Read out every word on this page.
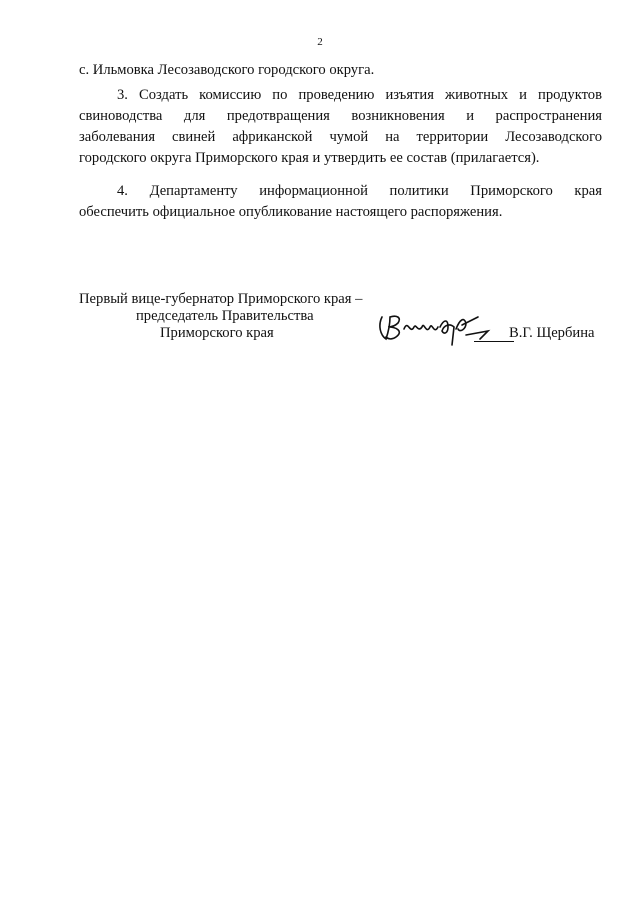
2
с. Ильмовка Лесозаводского городского округа.
3. Создать комиссию по проведению изъятия животных и продуктов
свиноводства для предотвращения возникновения и распространения
заболевания свиней африканской чумой на территории Лесозаводского
городского округа Приморского края и утвердить ее состав (прилагается).
4. Департаменту информационной политики Приморского края
обеспечить официальное опубликование настоящего распоряжения.
Первый вице-губернатор Приморского края –
председатель Правительства
Приморского края	В.Г. Щербина
